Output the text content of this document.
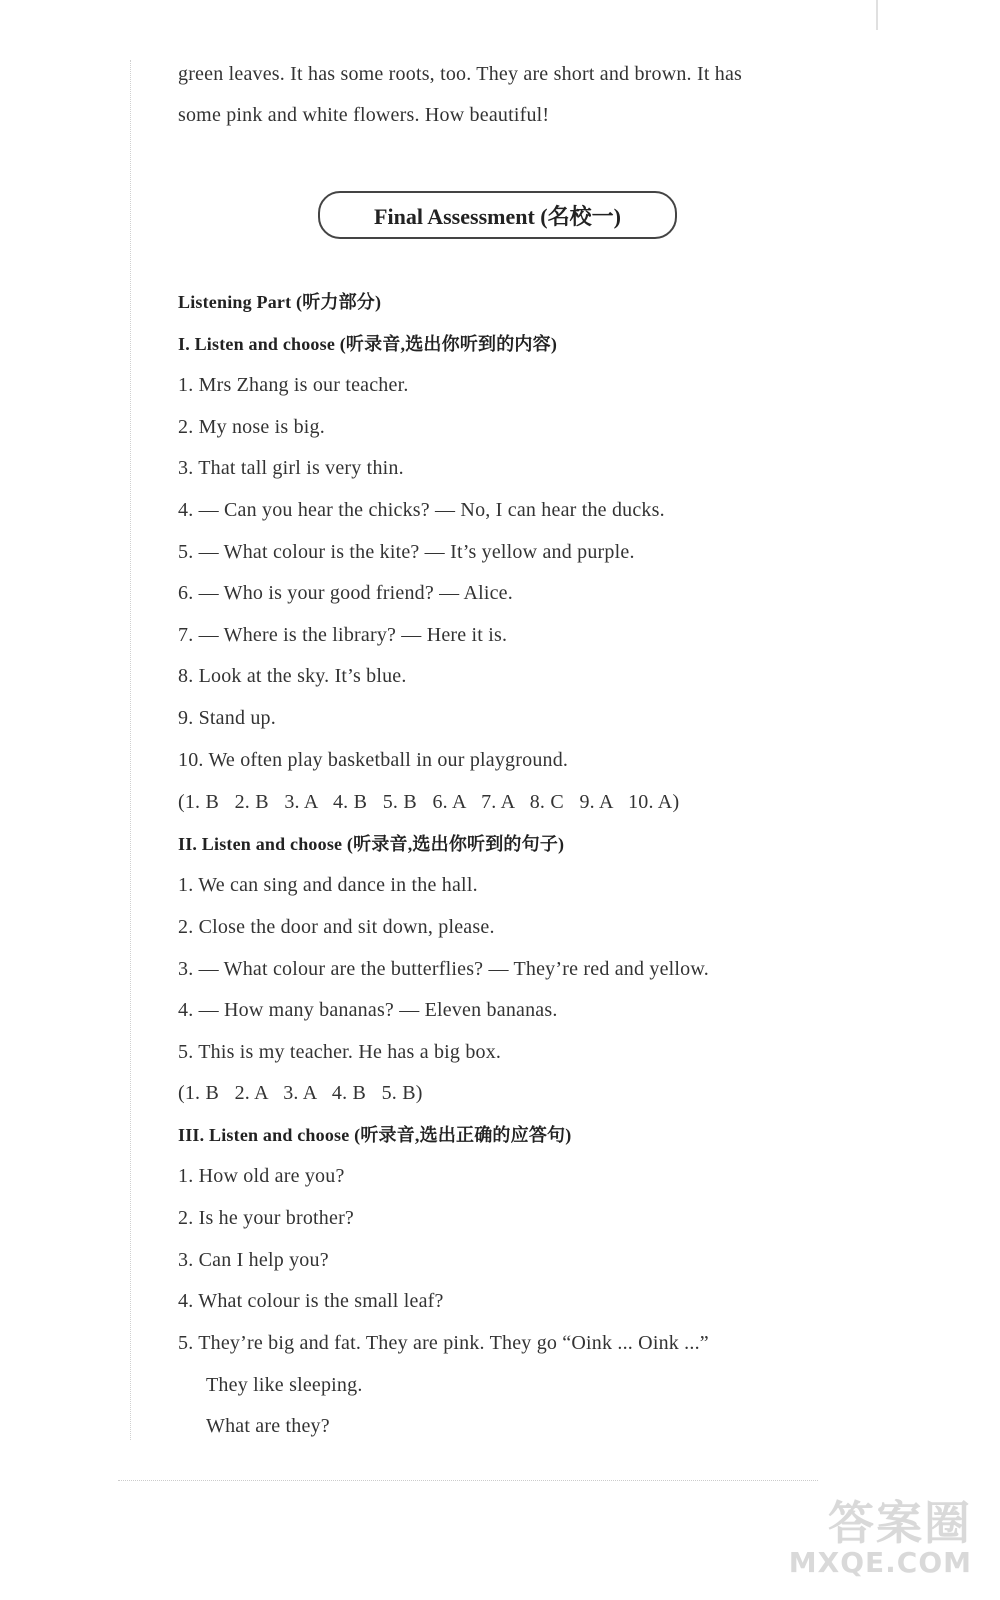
green leaves. It has some roots, too. They are short and brown. It has
some pink and white flowers. How beautiful!
Final Assessment (名校一)
Listening Part (听力部分)
I. Listen and choose (听录音,选出你听到的内容)
1. Mrs Zhang is our teacher.
2. My nose is big.
3. That tall girl is very thin.
4. — Can you hear the chicks? — No, I can hear the ducks.
5. — What colour is the kite? — It’s yellow and purple.
6. — Who is your good friend? — Alice.
7. — Where is the library? — Here it is.
8. Look at the sky. It’s blue.
9. Stand up.
10. We often play basketball in our playground.
(1. B   2. B   3. A   4. B   5. B   6. A   7. A   8. C   9. A   10. A)
II. Listen and choose (听录音,选出你听到的句子)
1. We can sing and dance in the hall.
2. Close the door and sit down, please.
3. — What colour are the butterflies? — They’re red and yellow.
4. — How many bananas? — Eleven bananas.
5. This is my teacher. He has a big box.
(1. B   2. A   3. A   4. B   5. B)
III. Listen and choose (听录音,选出正确的应答句)
1. How old are you?
2. Is he your brother?
3. Can I help you?
4. What colour is the small leaf?
5. They’re big and fat. They are pink. They go “Oink ... Oink ...”
They like sleeping.
What are they?
答案圈
MXQE.COM
